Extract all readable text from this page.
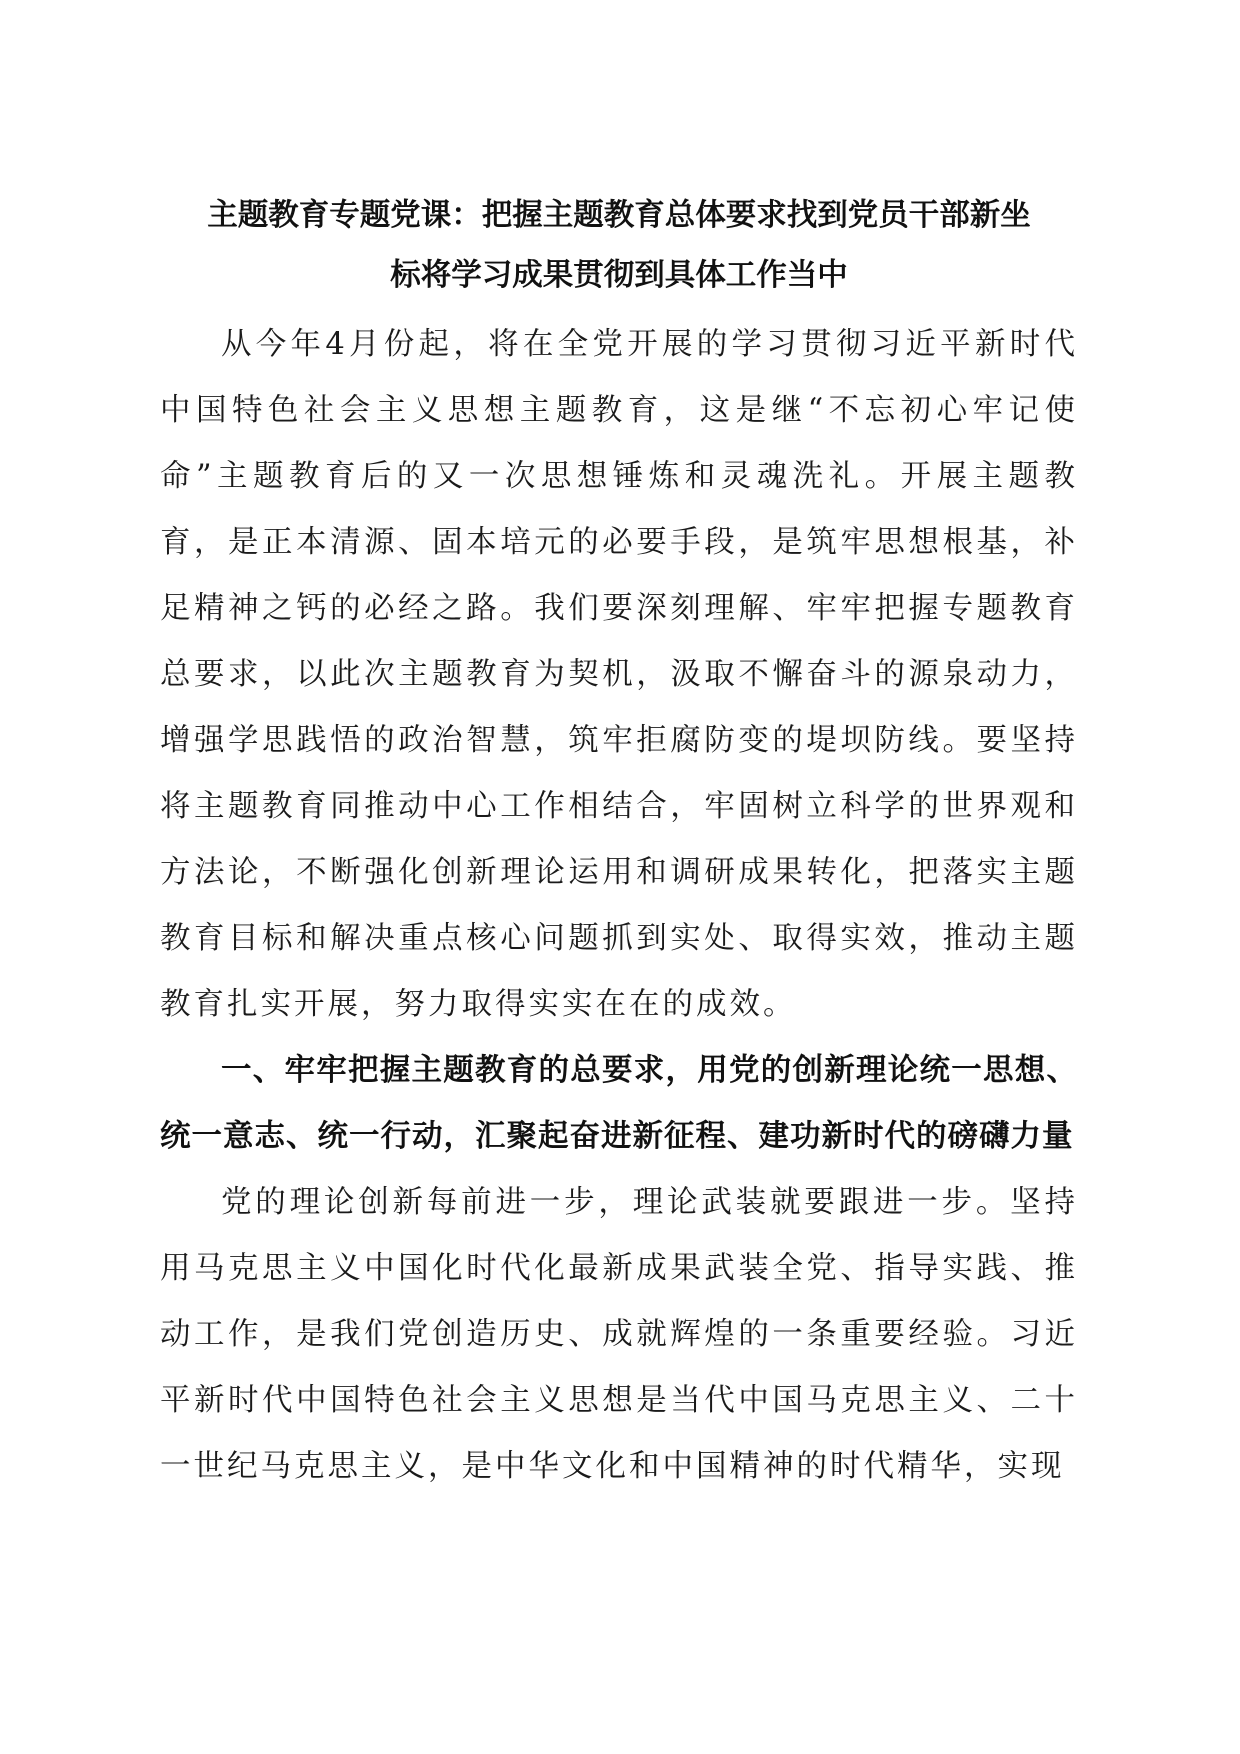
主题教育专题党课：把握主题教育总体要求找到党员干部新坐
标将学习成果贯彻到具体工作当中

从今年4月份起，将在全党开展的学习贯彻习近平新时代中国特色社会主义思想主题教育，这是继“不忘初心牢记使命”主题教育后的又一次思想锤炼和灵魂洗礼。开展主题教育，是正本清源、固本培元的必要手段，是筑牢思想根基，补足精神之钙的必经之路。我们要深刻理解、牢牢把握专题教育总要求，以此次主题教育为契机，汲取不懈奋斗的源泉动力，增强学思践悟的政治智慧，筑牢拒腐防变的堤坝防线。要坚持将主题教育同推动中心工作相结合，牢固树立科学的世界观和方法论，不断强化创新理论运用和调研成果转化，把落实主题教育目标和解决重点核心问题抓到实处、取得实效，推动主题教育扎实开展，努力取得实实在在的成效。

一、牢牢把握主题教育的总要求，用党的创新理论统一思想、统一意志、统一行动，汇聚起奋进新征程、建功新时代的磅礴力量

党的理论创新每前进一步，理论武装就要跟进一步。坚持用马克思主义中国化时代化最新成果武装全党、指导实践、推动工作，是我们党创造历史、成就辉煌的一条重要经验。习近平新时代中国特色社会主义思想是当代中国马克思主义、二十一世纪马克思主义，是中华文化和中国精神的时代精华，实现
